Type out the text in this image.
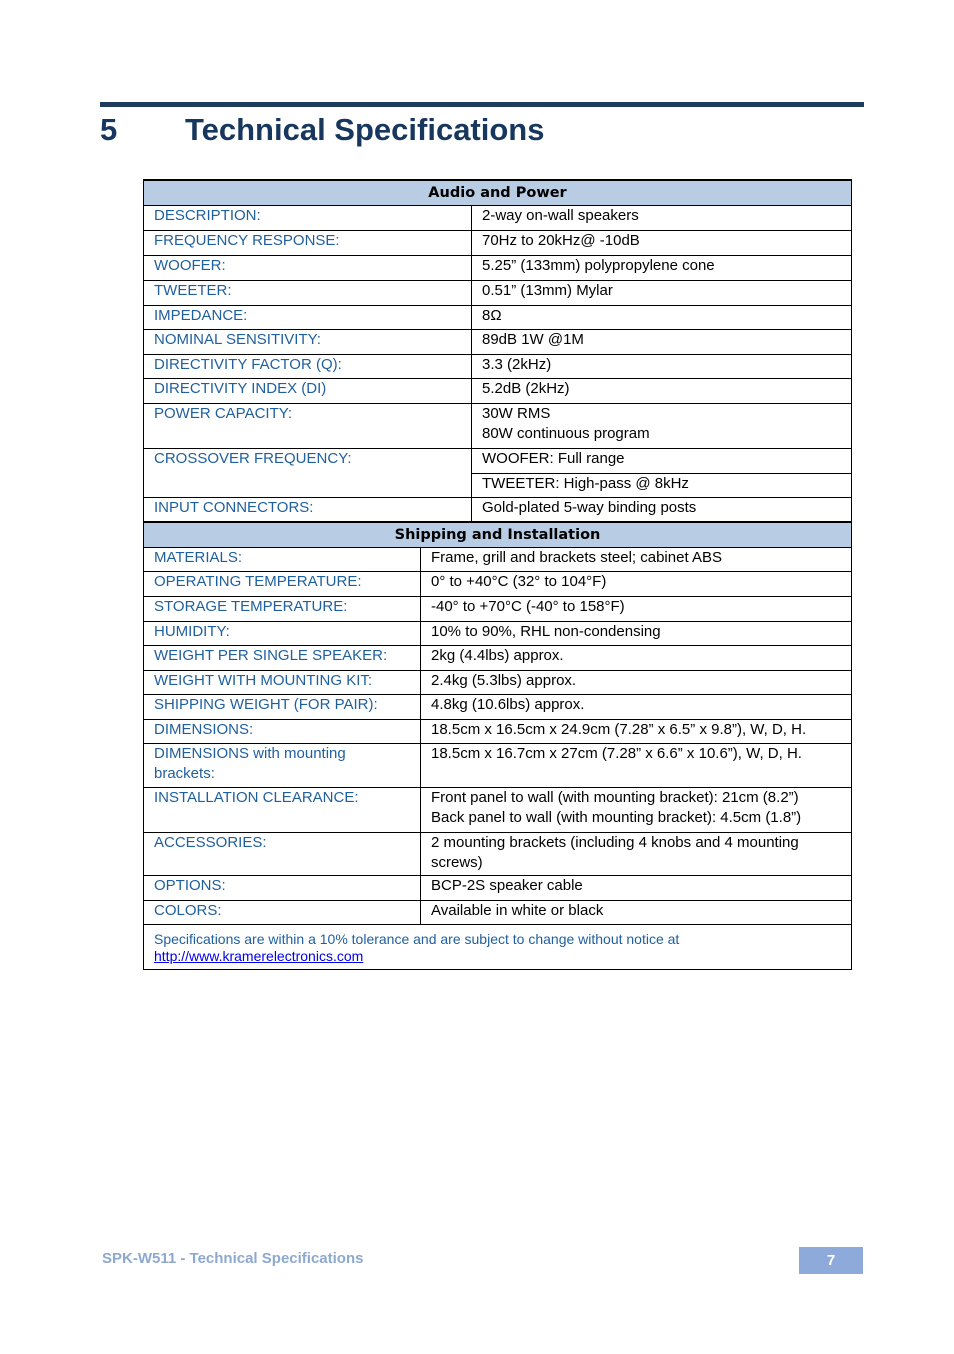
5	Technical Specifications
Audio and Power		
DESCRIPTION:		2-way on-wall speakers
FREQUENCY RESPONSE:		70Hz to 20kHz@ -10dB
WOOFER:		5.25” (133mm) polypropylene cone
TWEETER:		0.51” (13mm) Mylar
IMPEDANCE:		8Ω
NOMINAL SENSITIVITY:		89dB 1W @1M
DIRECTIVITY FACTOR (Q):		3.3 (2kHz)
DIRECTIVITY INDEX (DI)		5.2dB (2kHz)
POWER CAPACITY:		30W RMS
80W continuous program

CROSSOVER FREQUENCY:		WOOFER: Full range
		TWEETER: High-pass @ 8kHz
INPUT CONNECTORS:		Gold-plated 5-way binding posts
Shipping and Installation		
MATERIALS:	Frame, grill and brackets steel; cabinet ABS	
OPERATING TEMPERATURE:	0° to +40°C (32° to 104°F)	
STORAGE TEMPERATURE:	-40° to +70°C (-40° to 158°F)	
HUMIDITY:	10% to 90%, RHL non-condensing	
WEIGHT PER SINGLE SPEAKER:	2kg (4.4lbs) approx.	
WEIGHT WITH MOUNTING KIT:	2.4kg (5.3lbs) approx.	
SHIPPING WEIGHT (FOR PAIR):	4.8kg (10.6lbs) approx.	
DIMENSIONS:	18.5cm x 16.5cm x 24.9cm (7.28” x 6.5” x 9.8”), W, D, H.	
DIMENSIONS with mounting brackets:	18.5cm x 16.7cm x 27cm (7.28” x 6.6” x 10.6”), W, D, H.	
INSTALLATION CLEARANCE:	Front panel to wall (with mounting bracket): 21cm (8.2”)
Back panel to wall (with mounting bracket): 4.5cm (1.8”)	

ACCESSORIES:	2 mounting brackets (including 4 knobs and 4 mounting screws)	
OPTIONS:	BCP-2S speaker cable	
COLORS:	Available in white or black	

Specifications are within a 10% tolerance and are subject to change without notice at
http://www.kramerelectronics.com		
SPK-W511 - Technical Specifications	7
